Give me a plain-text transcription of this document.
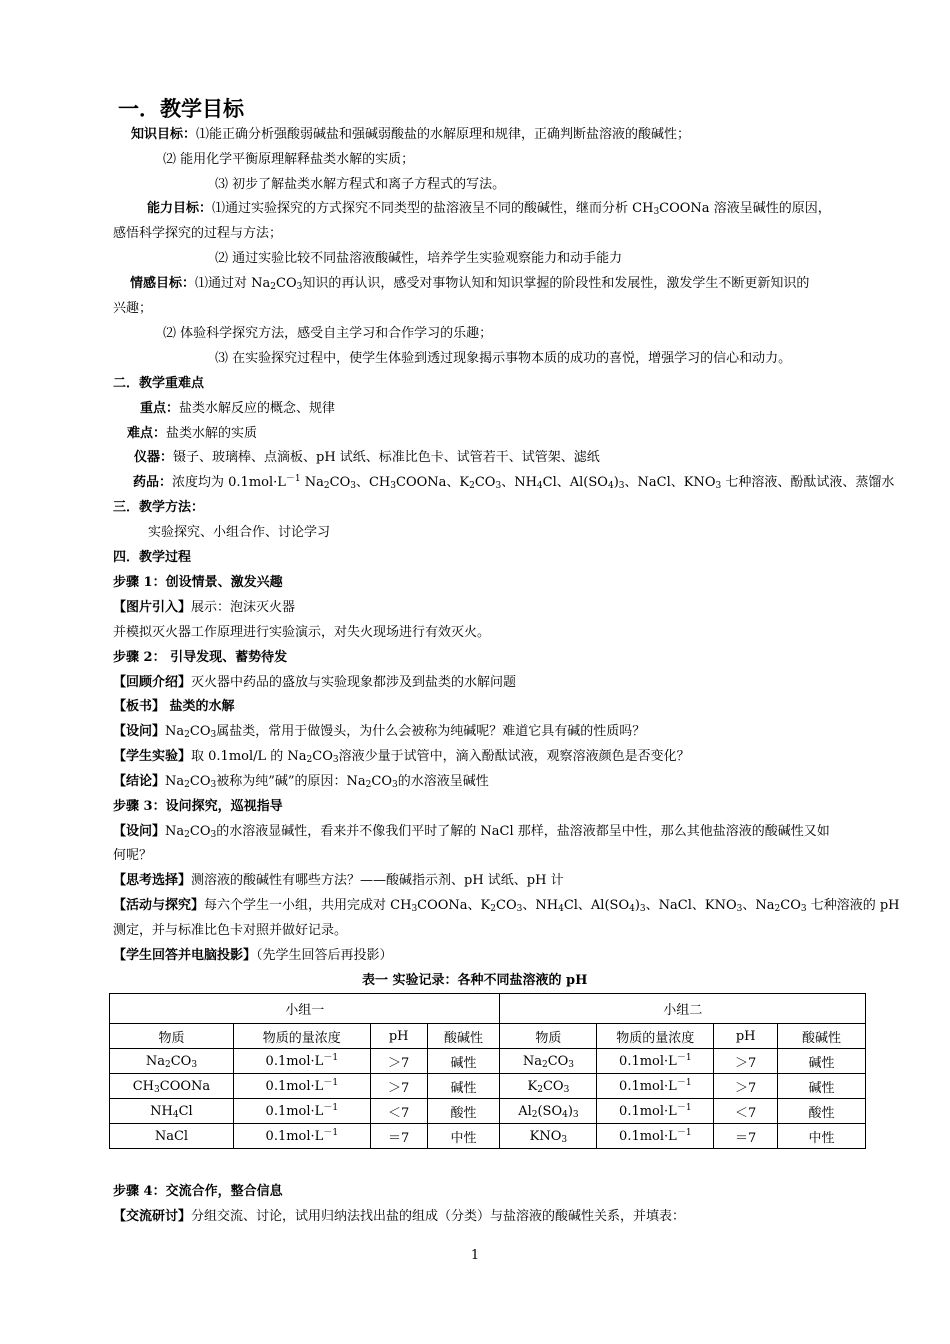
一．教学目标
知识目标：⑴能正确分析强酸弱碱盐和强碱弱酸盐的水解原理和规律，正确判断盐溶液的酸碱性；
⑵ 能用化学平衡原理解释盐类水解的实质；
⑶ 初步了解盐类水解方程式和离子方程式的写法。
能力目标：⑴通过实验探究的方式探究不同类型的盐溶液呈不同的酸碱性，继而分析 $CH_3COONa$ 溶液呈碱性的原因，
感悟科学探究的过程与方法；
⑵ 通过实验比较不同盐溶液酸碱性，培养学生实验观察能力和动手能力
情感目标：⑴通过对 $Na_2CO_3$知识的再认识，感受对事物认知和知识掌握的阶段性和发展性，激发学生不断更新知识的
兴趣；
⑵ 体验科学探究方法，感受自主学习和合作学习的乐趣；
⑶ 在实验探究过程中，使学生体验到透过现象揭示事物本质的成功的喜悦，增强学习的信心和动力。
二．教学重难点
重点：盐类水解反应的概念、规律
难点：盐类水解的实质
仪器：镊子、玻璃棒、点滴板、pH 试纸、标准比色卡、试管若干、试管架、滤纸
药品：浓度均为 $0.1mol\cdot L^{-1}$ $Na_2CO_3$、$CH_3COONa$、$K_2CO_3$、$NH_4Cl$、$Al(SO_4)_3$、NaCl、$KNO_3$ 七种溶液、酚酞试液、蒸馏水
三．教学方法：
实验探究、小组合作、讨论学习
四．教学过程
步骤 1：创设情景、激发兴趣
【图片引入】展示：泡沫灭火器
并模拟灭火器工作原理进行实验演示，对失火现场进行有效灭火。
步骤 2： 引导发现、蓄势待发
【回顾介绍】灭火器中药品的盛放与实验现象都涉及到盐类的水解问题
【板书】 盐类的水解
【设问】$Na_2CO_3$属盐类，常用于做馒头，为什么会被称为纯碱呢？难道它具有碱的性质吗？
【学生实验】取 0.1mol/L 的 $Na_2CO_3$溶液少量于试管中，滴入酚酞试液，观察溶液颜色是否变化？
【结论】$Na_2CO_3$被称为纯”碱”的原因：$Na_2CO_3$的水溶液呈碱性
步骤 3：设问探究，巡视指导
【设问】$Na_2CO_3$的水溶液显碱性，看来并不像我们平时了解的 NaCl 那样，盐溶液都呈中性，那么其他盐溶液的酸碱性又如
何呢？
【思考选择】测溶液的酸碱性有哪些方法？——酸碱指示剂、pH 试纸、pH 计
【活动与探究】每六个学生一小组，共用完成对 $CH_3COONa$、$K_2CO_3$、$NH_4Cl$、$Al(SO_4)_3$、NaCl、$KNO_3$、$Na_2CO_3$ 七种溶液的 pH
测定，并与标准比色卡对照并做好记录。
【学生回答并电脑投影】（先学生回答后再投影）
表一 实验记录：各种不同盐溶液的 pH
小组一				小组二			
物质	物质的量浓度	pH	酸碱性	物质	物质的量浓度	pH	酸碱性
$Na_2CO_3$	$0.1mol\cdot L^{-1}$	＞7	碱性	$Na_2CO_3$	$0.1mol\cdot L^{-1}$	＞7	碱性
$CH_3COONa$	$0.1mol\cdot L^{-1}$	＞7	碱性	$K_2CO_3$	$0.1mol\cdot L^{-1}$	＞7	碱性
$NH_4Cl$	$0.1mol\cdot L^{-1}$	＜7	酸性	$Al_2(SO_4)_3$	$0.1mol\cdot L^{-1}$	＜7	酸性
NaCl	$0.1mol\cdot L^{-1}$	＝7	中性	$KNO_3$	$0.1mol\cdot L^{-1}$	＝7	中性
步骤 4：交流合作，整合信息
【交流研讨】分组交流、讨论，试用归纳法找出盐的组成（分类）与盐溶液的酸碱性关系，并填表：
1
